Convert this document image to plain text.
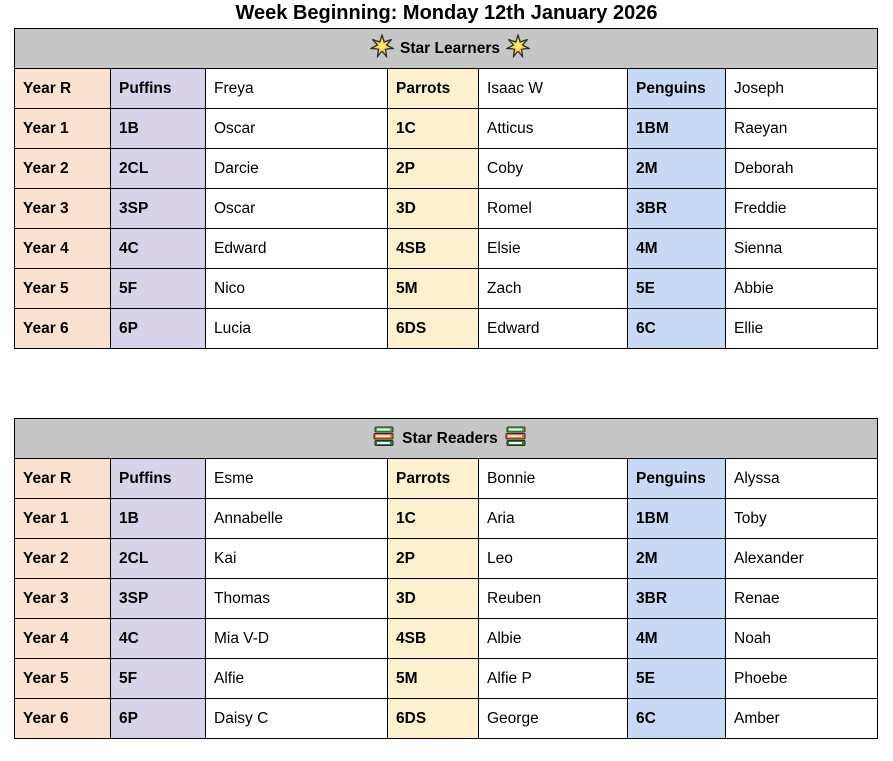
Week Beginning: Monday 12th January 2026
Star Learners						

Year R	Puffins	Freya	Parrots	Isaac W	Penguins	Joseph
Year 1	1B	Oscar	1C	Atticus	1BM	Raeyan
Year 2	2CL	Darcie	2P	Coby	2M	Deborah
Year 3	3SP	Oscar	3D	Romel	3BR	Freddie
Year 4	4C	Edward	4SB	Elsie	4M	Sienna
Year 5	5F	Nico	5M	Zach	5E	Abbie
Year 6	6P	Lucia	6DS	Edward	6C	Ellie
Star Readers						

Year R	Puffins	Esme	Parrots	Bonnie	Penguins	Alyssa
Year 1	1B	Annabelle	1C	Aria	1BM	Toby
Year 2	2CL	Kai	2P	Leo	2M	Alexander
Year 3	3SP	Thomas	3D	Reuben	3BR	Renae
Year 4	4C	Mia V-D	4SB	Albie	4M	Noah
Year 5	5F	Alfie	5M	Alfie P	5E	Phoebe
Year 6	6P	Daisy C	6DS	George	6C	Amber
